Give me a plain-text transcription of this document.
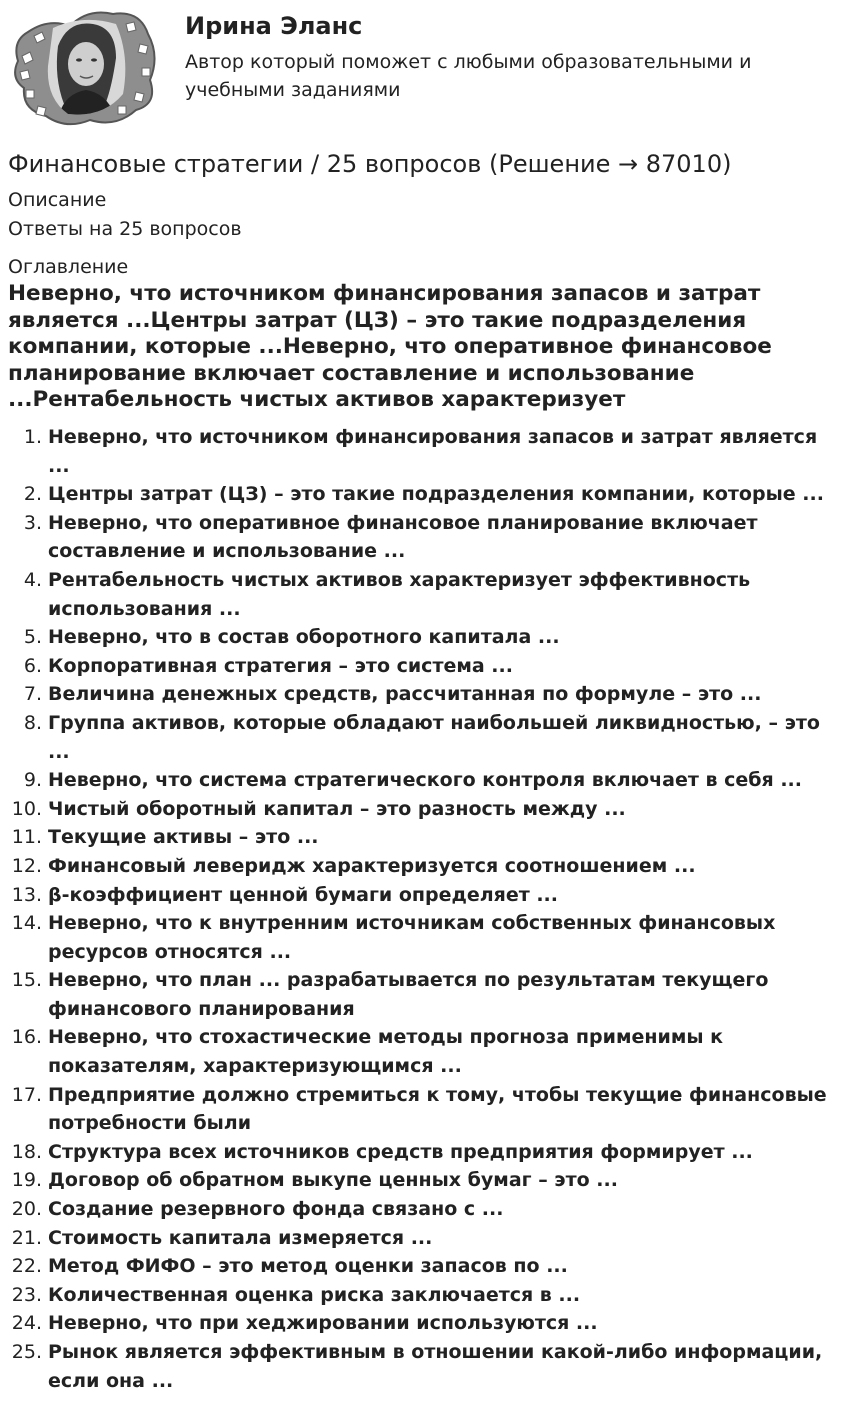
Ирина Эланс
Автор который поможет с любыми образовательными и учебными заданиями
Финансовые стратегии / 25 вопросов (Решение → 87010)
Описание
Ответы на 25 вопросов
Оглавление
Неверно, что источником финансирования запасов и затрат является ...Центры затрат (ЦЗ) – это такие подразделения компании, которые ...Неверно, что оперативное финансовое планирование включает составление и использование ...Рентабельность чистых активов характеризует
1. Неверно, что источником финансирования запасов и затрат является ...
2. Центры затрат (ЦЗ) – это такие подразделения компании, которые ...
3. Неверно, что оперативное финансовое планирование включает составление и использование ...
4. Рентабельность чистых активов характеризует эффективность использования ...
5. Неверно, что в состав оборотного капитала ...
6. Корпоративная стратегия – это система ...
7. Величина денежных средств, рассчитанная по формуле – это ...
8. Группа активов, которые обладают наибольшей ликвидностью, – это ...
9. Неверно, что система стратегического контроля включает в себя ...
10. Чистый оборотный капитал – это разность между ...
11. Текущие активы – это ...
12. Финансовый леверидж характеризуется соотношением ...
13. β-коэффициент ценной бумаги определяет ...
14. Неверно, что к внутренним источникам собственных финансовых ресурсов относятся ...
15. Неверно, что план ... разрабатывается по результатам текущего финансового планирования
16. Неверно, что стохастические методы прогноза применимы к показателям, характеризующимся ...
17. Предприятие должно стремиться к тому, чтобы текущие финансовые потребности были
18. Структура всех источников средств предприятия формирует ...
19. Договор об обратном выкупе ценных бумаг – это ...
20. Создание резервного фонда связано с ...
21. Стоимость капитала измеряется ...
22. Метод ФИФО – это метод оценки запасов по ...
23. Количественная оценка риска заключается в ...
24. Неверно, что при хеджировании используются ...
25. Рынок является эффективным в отношении какой-либо информации, если она ...
